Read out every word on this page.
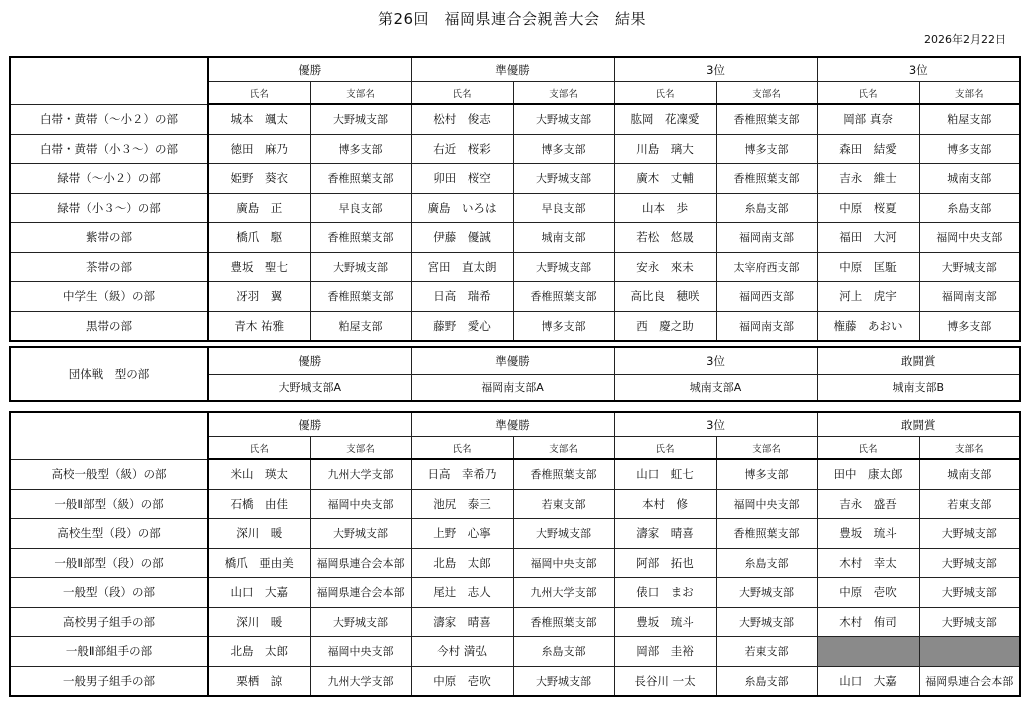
第26回　福岡県連合会親善大会　結果
2026年2月22日
	優勝		準優勝		3位		3位	
	氏名	支部名	氏名	支部名	氏名	支部名	氏名	支部名
白帯・黄帯（～小２）の部	城本　颯太	大野城支部	松村　俊志	大野城支部	肱岡　花凜愛	香椎照葉支部	岡部 真奈	粕屋支部
白帯・黄帯（小３～）の部	徳田　麻乃	博多支部	右近　桜彩	博多支部	川島　璃大	博多支部	森田　結愛	博多支部
緑帯（～小２）の部	姫野　葵衣	香椎照葉支部	卯田　桜空	大野城支部	廣木　丈輔	香椎照葉支部	吉永　維士	城南支部
緑帯（小３～）の部	廣島　正	早良支部	廣島　いろは	早良支部	山本　歩	糸島支部	中原　桜夏	糸島支部
紫帯の部	橋爪　駆	香椎照葉支部	伊藤　優誠	城南支部	若松　悠晟	福岡南支部	福田　大河	福岡中央支部
茶帯の部	豊坂　聖七	大野城支部	宮田　直太朗	大野城支部	安永　來未	太宰府西支部	中原　匡駈	大野城支部
中学生（級）の部	冴羽　翼	香椎照葉支部	日高　瑞希	香椎照葉支部	高比良　穂咲	福岡西支部	河上　虎宇	福岡南支部
黒帯の部	青木 祐雅	粕屋支部	藤野　愛心	博多支部	西　慶之助	福岡南支部	権藤　あおい	博多支部
団体戦　型の部	優勝	準優勝	3位	敢闘賞
	大野城支部A	福岡南支部A	城南支部A	城南支部B
	優勝		準優勝		3位		敢闘賞	
	氏名	支部名	氏名	支部名	氏名	支部名	氏名	支部名
高校一般型（級）の部	米山　瑛太	九州大学支部	日高　幸希乃	香椎照葉支部	山口　虹七	博多支部	田中　康太郎	城南支部
一般Ⅱ部型（級）の部	石橋　由佳	福岡中央支部	池尻　泰三	若東支部	本村　修	福岡中央支部	吉永　盛吾	若東支部
高校生型（段）の部	深川　暖	大野城支部	上野　心寧	大野城支部	濤家　晴喜	香椎照葉支部	豊坂　琉斗	大野城支部
一般Ⅱ部型（段）の部	橋爪　亜由美	福岡県連合会本部	北島　太郎	福岡中央支部	阿部　拓也	糸島支部	木村　幸太	大野城支部
一般型（段）の部	山口　大嘉	福岡県連合会本部	尾辻　志人	九州大学支部	俵口　まお	大野城支部	中原　壱吹	大野城支部
高校男子組手の部	深川　暖	大野城支部	濤家　晴喜	香椎照葉支部	豊坂　琉斗	大野城支部	木村　侑司	大野城支部
一般Ⅱ部組手の部	北島　太郎	福岡中央支部	今村 満弘	糸島支部	岡部　圭裕	若東支部		
一般男子組手の部	栗栖　諒	九州大学支部	中原　壱吹	大野城支部	長谷川 一太	糸島支部	山口　大嘉	福岡県連合会本部
